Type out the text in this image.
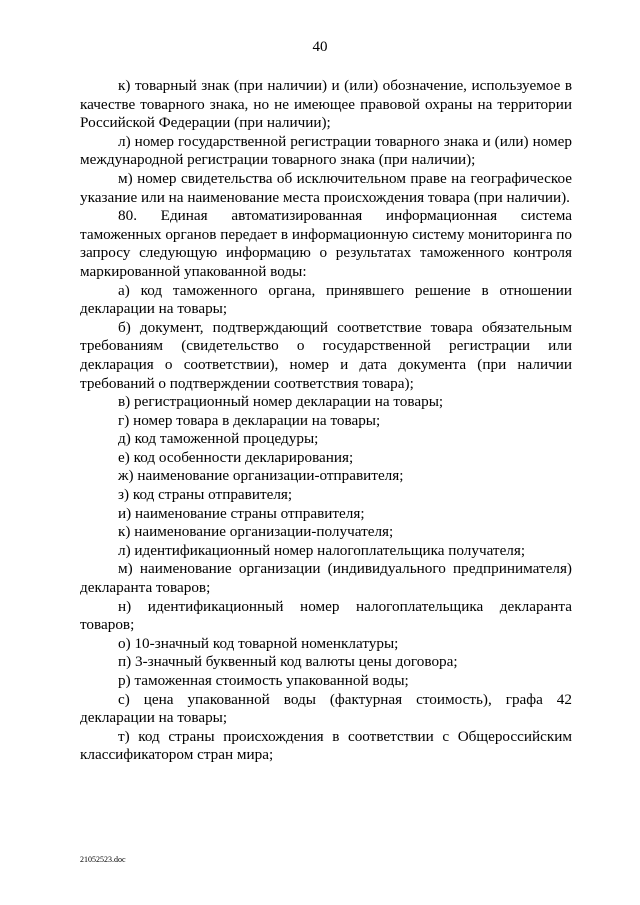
40

к) товарный знак (при наличии) и (или) обозначение, используемое в качестве товарного знака, но не имеющее правовой охраны на территории Российской Федерации (при наличии);

л) номер государственной регистрации товарного знака и (или) номер международной регистрации товарного знака (при наличии);

м) номер свидетельства об исключительном праве на географическое указание или на наименование места происхождения товара (при наличии).

80. Единая автоматизированная информационная система таможенных органов передает в информационную систему мониторинга по запросу следующую информацию о результатах таможенного контроля маркированной упакованной воды:

а) код таможенного органа, принявшего решение в отношении декларации на товары;

б) документ, подтверждающий соответствие товара обязательным требованиям (свидетельство о государственной регистрации или декларация о соответствии), номер и дата документа (при наличии требований о подтверждении соответствия товара);

в) регистрационный номер декларации на товары;

г) номер товара в декларации на товары;

д) код таможенной процедуры;

е) код особенности декларирования;

ж) наименование организации-отправителя;

з) код страны отправителя;

и) наименование страны отправителя;

к) наименование организации-получателя;

л) идентификационный номер налогоплательщика получателя;

м) наименование организации (индивидуального предпринимателя) декларанта товаров;

н) идентификационный номер налогоплательщика декларанта товаров;

о) 10-значный код товарной номенклатуры;

п) 3-значный буквенный код валюты цены договора;

р) таможенная стоимость упакованной воды;

с) цена упакованной воды (фактурная стоимость), графа 42 декларации на товары;

т) код страны происхождения в соответствии с Общероссийским классификатором стран мира;

21052523.doc
